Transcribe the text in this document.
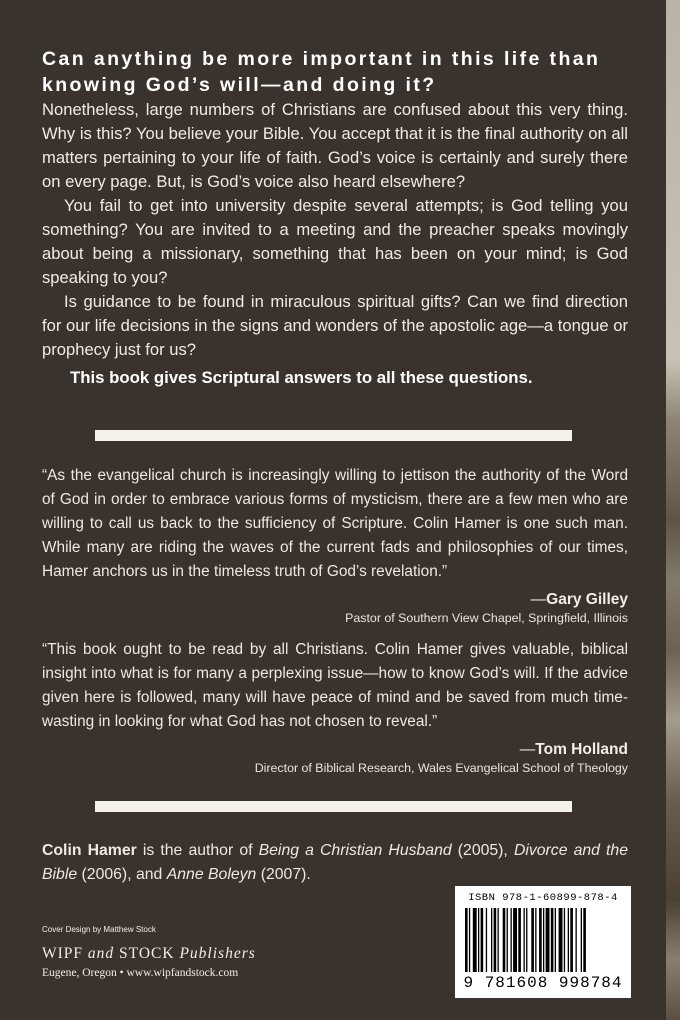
Can anything be more important in this life than knowing God’s will—and doing it?

Nonetheless, large numbers of Christians are confused about this very thing. Why is this? You believe your Bible. You accept that it is the final authority on all matters pertaining to your life of faith. God’s voice is certainly and surely there on every page. But, is God’s voice also heard elsewhere?

You fail to get into university despite several attempts; is God telling you something? You are invited to a meeting and the preacher speaks movingly about being a missionary, something that has been on your mind; is God speaking to you?

Is guidance to be found in miraculous spiritual gifts? Can we find direction for our life decisions in the signs and wonders of the apostolic age—a tongue or prophecy just for us?

This book gives Scriptural answers to all these questions.

“As the evangelical church is increasingly willing to jettison the authority of the Word of God in order to embrace various forms of mysticism, there are a few men who are willing to call us back to the sufficiency of Scripture. Colin Hamer is one such man. While many are riding the waves of the current fads and philosophies of our times, Hamer anchors us in the timeless truth of God’s revelation.”

—Gary Gilley

Pastor of Southern View Chapel, Springfield, Illinois

“This book ought to be read by all Christians. Colin Hamer gives valuable, biblical insight into what is for many a perplexing issue—how to know God’s will. If the advice given here is followed, many will have peace of mind and be saved from much time-wasting in looking for what God has not chosen to reveal.”

—Tom Holland

Director of Biblical Research, Wales Evangelical School of Theology

Colin Hamer is the author of Being a Christian Husband (2005), Divorce and the Bible (2006), and Anne Boleyn (2007).

Cover Design by Matthew Stock

WIPF and STOCK Publishers

Eugene, Oregon • www.wipfandstock.com

ISBN 978-1-60899-878-4
9 781608 998784
